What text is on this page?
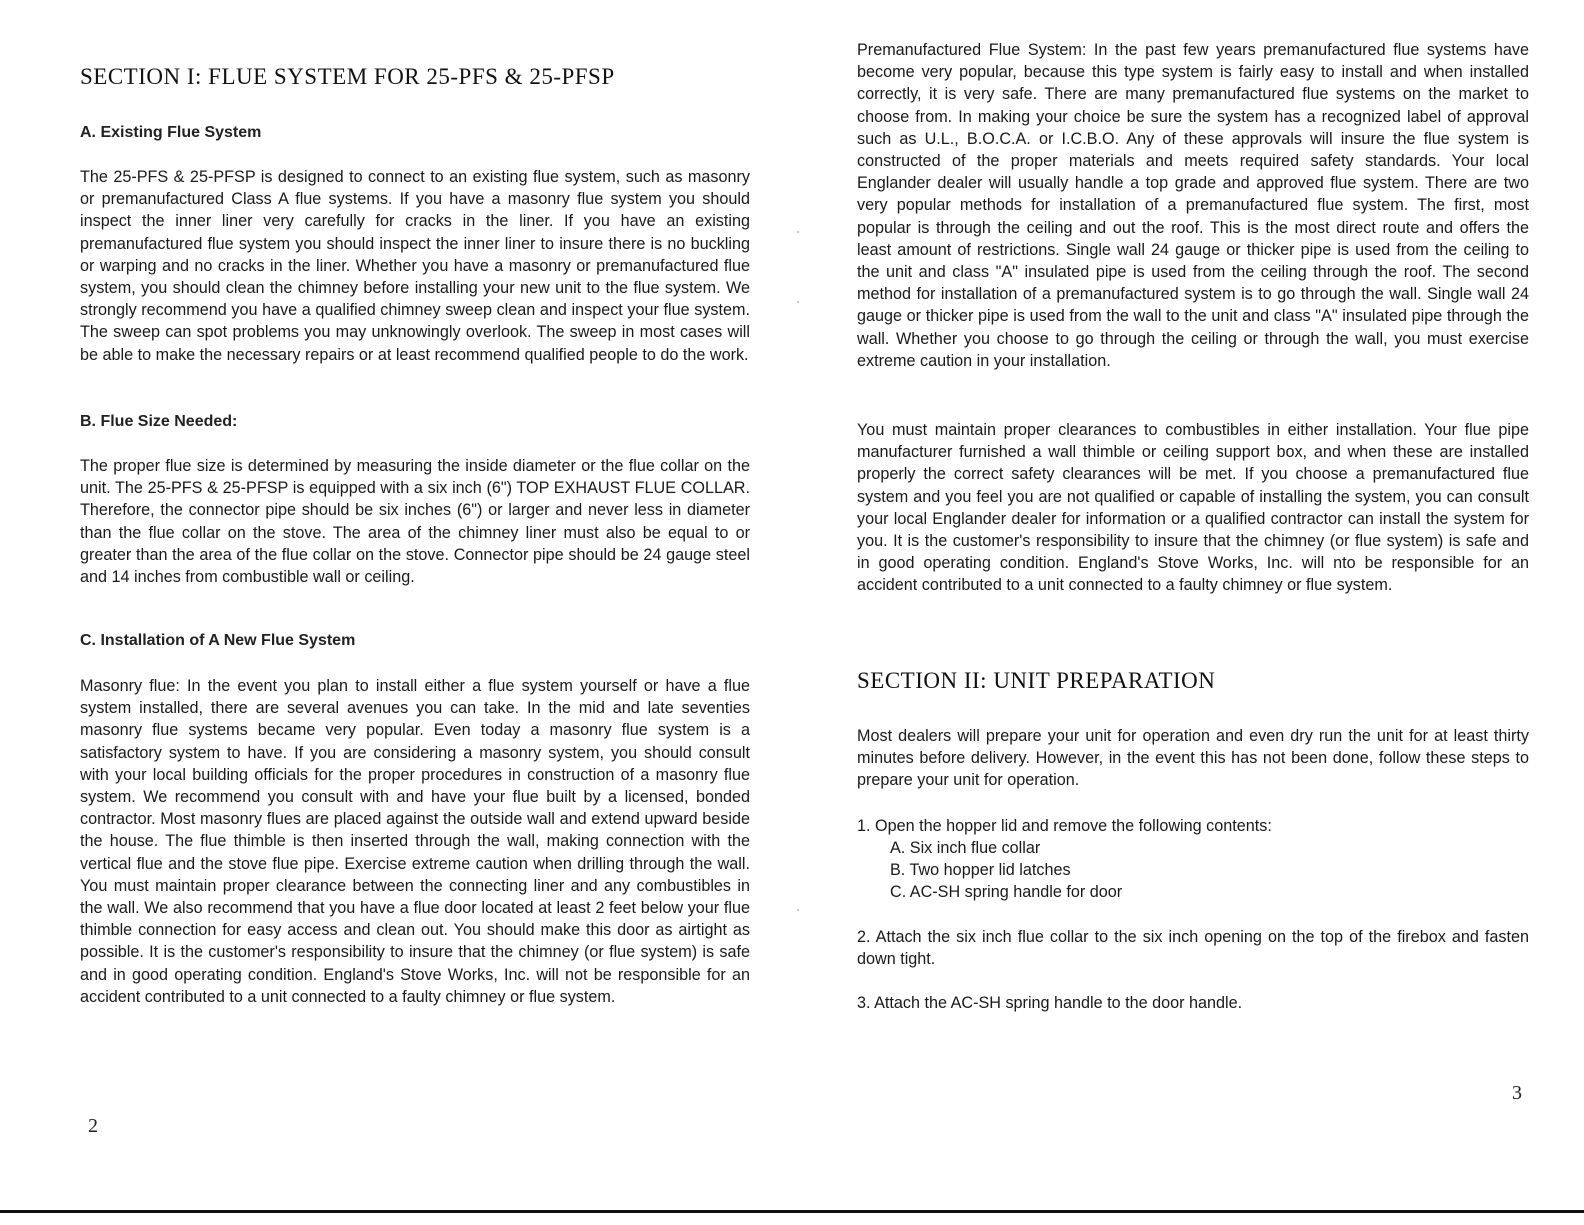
SECTION I: FLUE SYSTEM FOR 25-PFS & 25-PFSP
A. Existing Flue System

The 25-PFS & 25-PFSP is designed to connect to an existing flue system, such as masonry or premanufactured Class A flue systems. If you have a masonry flue system you should inspect the inner liner very carefully for cracks in the liner. If you have an existing premanufactured flue system you should inspect the inner liner to insure there is no buckling or warping and no cracks in the liner. Whether you have a masonry or premanufactured flue system, you should clean the chimney before installing your new unit to the flue system. We strongly recommend you have a qualified chimney sweep clean and inspect your flue system. The sweep can spot problems you may unknowingly overlook. The sweep in most cases will be able to make the necessary repairs or at least recommend qualified people to do the work.

B. Flue Size Needed:

The proper flue size is determined by measuring the inside diameter or the flue collar on the unit. The 25-PFS & 25-PFSP is equipped with a six inch (6") TOP EXHAUST FLUE COLLAR. Therefore, the connector pipe should be six inches (6") or larger and never less in diameter than the flue collar on the stove. The area of the chimney liner must also be equal to or greater than the area of the flue collar on the stove. Connector pipe should be 24 gauge steel and 14 inches from combustible wall or ceiling.

C. Installation of A New Flue System

Masonry flue: In the event you plan to install either a flue system yourself or have a flue system installed, there are several avenues you can take. In the mid and late seventies masonry flue systems became very popular. Even today a masonry flue system is a satisfactory system to have. If you are considering a masonry system, you should consult with your local building officials for the proper procedures in construction of a masonry flue system. We recommend you consult with and have your flue built by a licensed, bonded contractor. Most masonry flues are placed against the outside wall and extend upward beside the house. The flue thimble is then inserted through the wall, making connection with the vertical flue and the stove flue pipe. Exercise extreme caution when drilling through the wall. You must maintain proper clearance between the connecting liner and any combustibles in the wall. We also recommend that you have a flue door located at least 2 feet below your flue thimble connection for easy access and clean out. You should make this door as airtight as possible. It is the customer's responsibility to insure that the chimney (or flue system) is safe and in good operating condition. England's Stove Works, Inc. will not be responsible for an accident contributed to a unit connected to a faulty chimney or flue system.

2

Premanufactured Flue System: In the past few years premanufactured flue systems have become very popular, because this type system is fairly easy to install and when installed correctly, it is very safe. There are many premanufactured flue systems on the market to choose from. In making your choice be sure the system has a recognized label of approval such as U.L., B.O.C.A. or I.C.B.O. Any of these approvals will insure the flue system is constructed of the proper materials and meets required safety standards. Your local Englander dealer will usually handle a top grade and approved flue system. There are two very popular methods for installation of a premanufactured flue system. The first, most popular is through the ceiling and out the roof. This is the most direct route and offers the least amount of restrictions. Single wall 24 gauge or thicker pipe is used from the ceiling to the unit and class "A" insulated pipe is used from the ceiling through the roof. The second method for installation of a premanufactured system is to go through the wall. Single wall 24 gauge or thicker pipe is used from the wall to the unit and class "A" insulated pipe through the wall. Whether you choose to go through the ceiling or through the wall, you must exercise extreme caution in your installation.

You must maintain proper clearances to combustibles in either installation. Your flue pipe manufacturer furnished a wall thimble or ceiling support box, and when these are installed properly the correct safety clearances will be met. If you choose a premanufactured flue system and you feel you are not qualified or capable of installing the system, you can consult your local Englander dealer for information or a qualified contractor can install the system for you. It is the customer's responsibility to insure that the chimney (or flue system) is safe and in good operating condition. England's Stove Works, Inc. will nto be responsible for an accident contributed to a unit connected to a faulty chimney or flue system.

SECTION II: UNIT PREPARATION

Most dealers will prepare your unit for operation and even dry run the unit for at least thirty minutes before delivery. However, in the event this has not been done, follow these steps to prepare your unit for operation.

1. Open the hopper lid and remove the following contents:

A. Six inch flue collar

B. Two hopper lid latches

C. AC-SH spring handle for door

2. Attach the six inch flue collar to the six inch opening on the top of the firebox and fasten down tight.

3. Attach the AC-SH spring handle to the door handle.

3
